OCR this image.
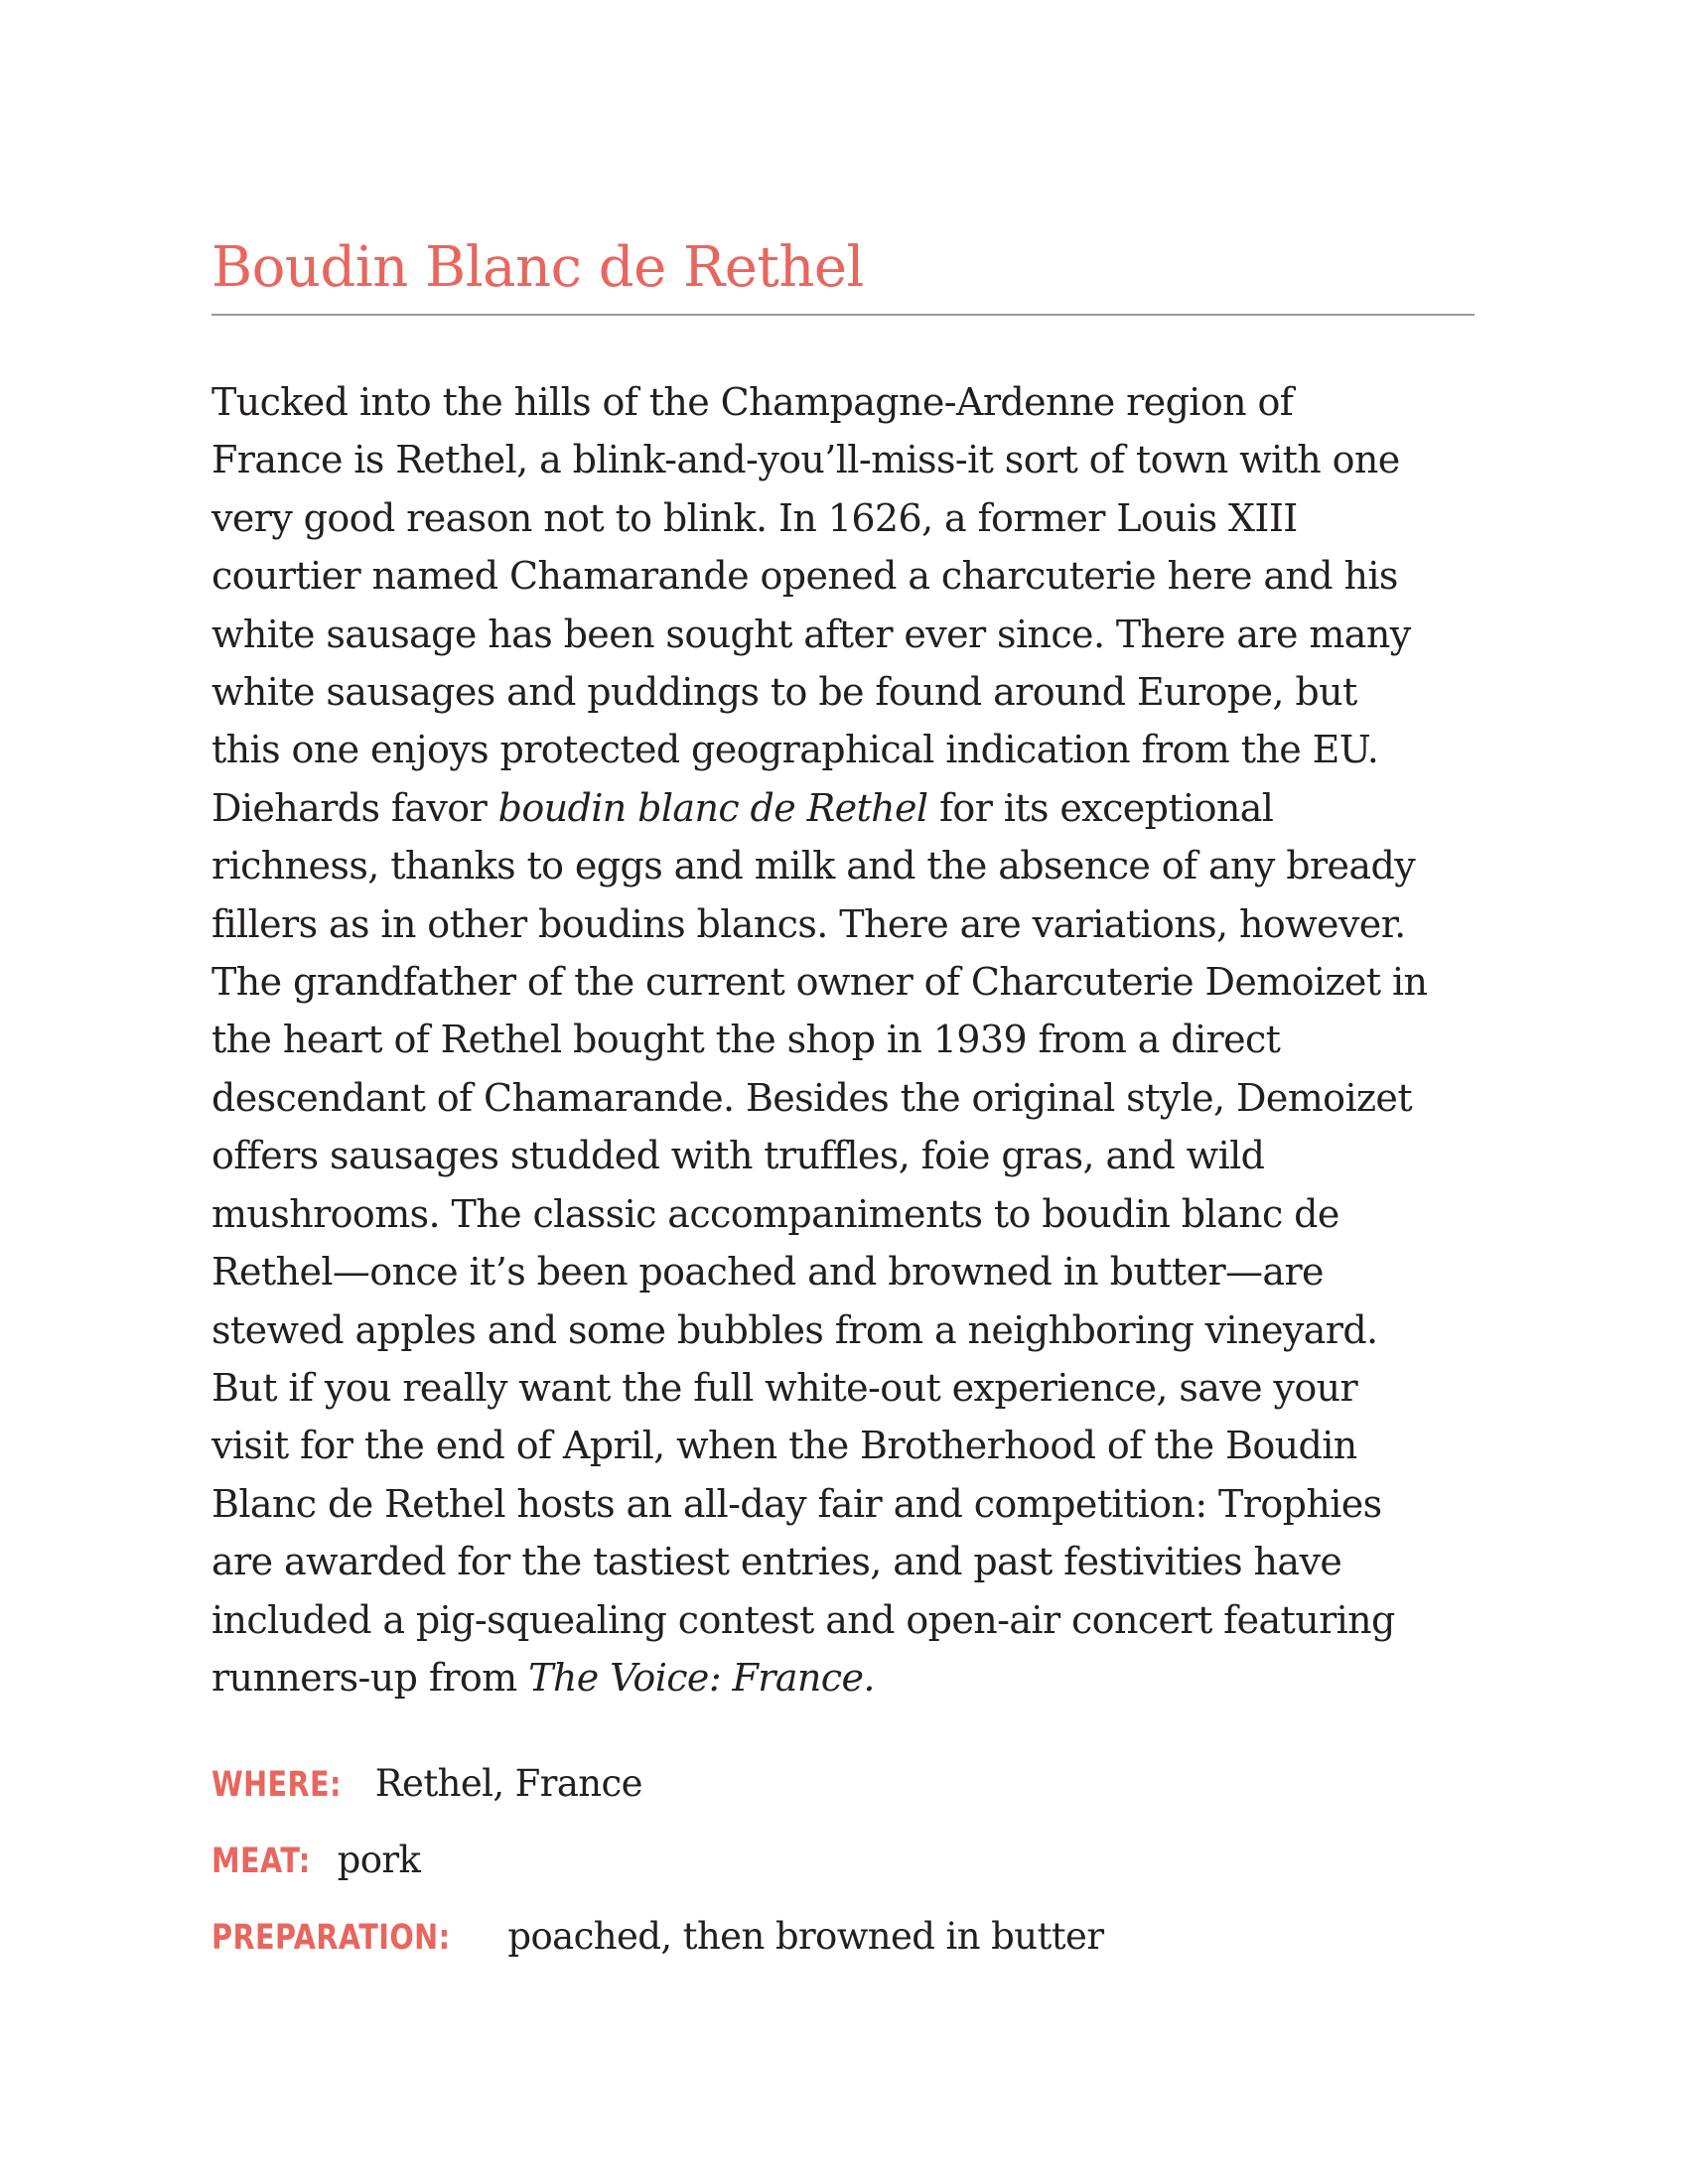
Boudin Blanc de Rethel

Tucked into the hills of the Champagne-Ardenne region of
France is Rethel, a blink-and-you’ll-miss-it sort of town with one
very good reason not to blink. In 1626, a former Louis XIII
courtier named Chamarande opened a charcuterie here and his
white sausage has been sought after ever since. There are many
white sausages and puddings to be found around Europe, but
this one enjoys protected geographical indication from the EU.
Diehards favor boudin blanc de Rethel for its exceptional
richness, thanks to eggs and milk and the absence of any bready
fillers as in other boudins blancs. There are variations, however.
The grandfather of the current owner of Charcuterie Demoizet in
the heart of Rethel bought the shop in 1939 from a direct
descendant of Chamarande. Besides the original style, Demoizet
offers sausages studded with truffles, foie gras, and wild
mushrooms. The classic accompaniments to boudin blanc de
Rethel—once it’s been poached and browned in butter—are
stewed apples and some bubbles from a neighboring vineyard.
But if you really want the full white-out experience, save your
visit for the end of April, when the Brotherhood of the Boudin
Blanc de Rethel hosts an all-day fair and competition: Trophies
are awarded for the tastiest entries, and past festivities have
included a pig-squealing contest and open-air concert featuring
runners-up from The Voice: France.

WHERE: Rethel, France
MEAT: pork
PREPARATION: poached, then browned in butter
